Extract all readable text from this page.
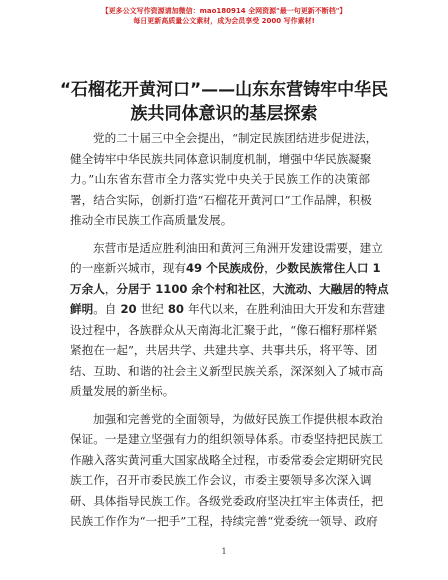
【更多公文写作资源请加微信：mao180914 全网资源"最一句更新不断档"】
每日更新高质量公文素材，成为会员享受 2000 写作素材!
“石榴花开黄河口”——山东东营铸牢中华民
族共同体意识的基层探索
党的二十届三中全会提出，“制定民族团结进步促进法，
健全铸牢中华民族共同体意识制度机制，增强中华民族凝聚
力。”山东省东营市全力落实党中央关于民族工作的决策部
署，结合实际，创新打造“石榴花开黄河口”工作品牌，积极
推动全市民族工作高质量发展。
东营市是适应胜利油田和黄河三角洲开发建设需要，建立
的一座新兴城市，现有49 个民族成份，少数民族常住人口 1
万余人，分居于 1100 余个村和社区，大流动、大融居的特点
鲜明。自 20 世纪 80 年代以来，在胜利油田大开发和东营建
设过程中，各族群众从天南海北汇聚于此，“像石榴籽那样紧
紧抱在一起”，共居共学、共建共享、共事共乐，将平等、团
结、互助、和谐的社会主义新型民族关系，深深刻入了城市高
质量发展的新坐标。
加强和完善党的全面领导，为做好民族工作提供根本政治
保证。一是建立坚强有力的组织领导体系。市委坚持把民族工
作融入落实黄河重大国家战略全过程，市委常委会定期研究民
族工作，召开市委民族工作会议，市委主要领导多次深入调
研、具体指导民族工作。各级党委政府坚决扛牢主体责任，把
民族工作作为“一把手”工程，持续完善“党委统一领导、政府
1
